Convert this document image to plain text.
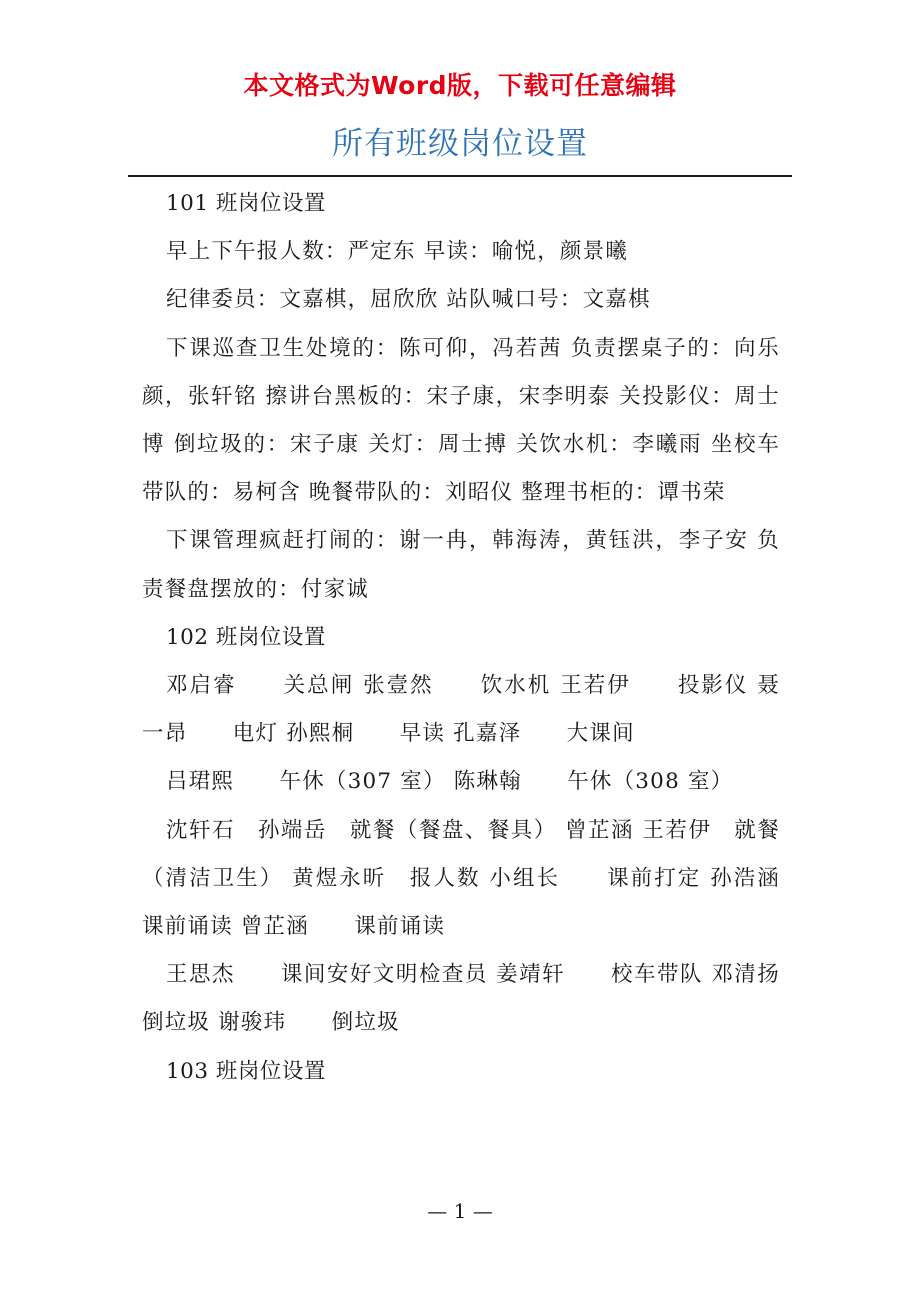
本文格式为Word版，下载可任意编辑
所有班级岗位设置

101 班岗位设置

早上下午报人数：严定东 早读：喻悦，颜景曦

纪律委员：文嘉棋，屈欣欣 站队喊口号：文嘉棋

下课巡查卫生处境的：陈可仰，冯若茜 负责摆桌子的：向乐颜，张轩铭 擦讲台黑板的：宋子康，宋李明泰 关投影仪：周士博 倒垃圾的：宋子康 关灯：周士搏 关饮水机：李曦雨 坐校车带队的：易柯含 晚餐带队的：刘昭仪 整理书柜的：谭书荣

下课管理疯赶打闹的：谢一冉，韩海涛，黄钰洪，李子安 负责餐盘摆放的：付家诚

102 班岗位设置

邓启睿　　关总闸 张壹然　　饮水机 王若伊　　投影仪 聂一昂　　电灯 孙熙桐　　早读 孔嘉泽　　大课间

吕珺熙　　午休（307 室） 陈琳翰　　午休（308 室）

沈轩石　孙端岳　就餐（餐盘、餐具） 曾芷涵 王若伊　就餐（清洁卫生） 黄煜永昕　报人数 小组长　　课前打定 孙浩涵　　课前诵读 曾芷涵　　课前诵读

王思杰　　课间安好文明检查员 姜靖轩　　校车带队 邓清扬　　倒垃圾 谢骏玮　　倒垃圾

103 班岗位设置

— 1 —
